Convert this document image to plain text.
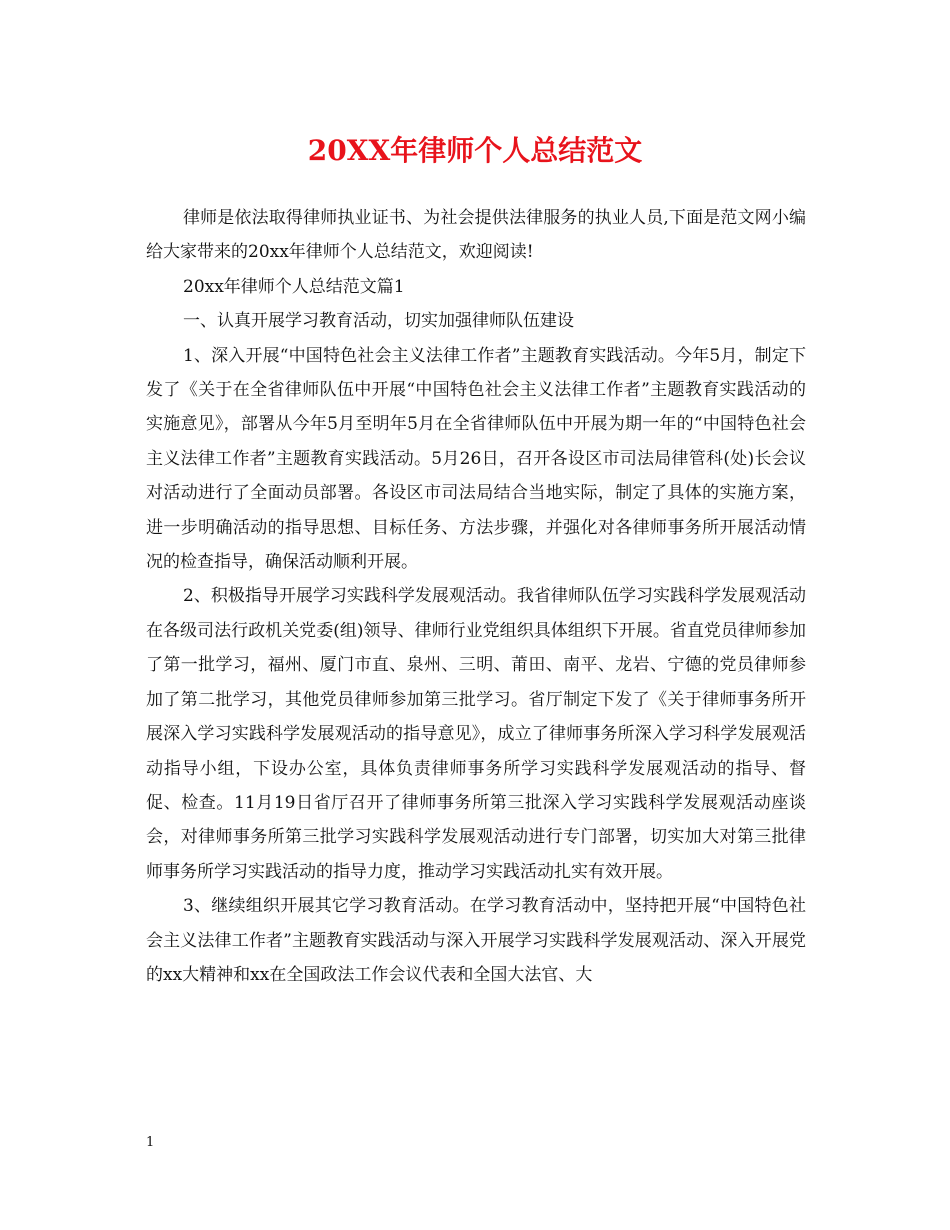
20XX年律师个人总结范文

律师是依法取得律师执业证书、为社会提供法律服务的执业人员,下面是范文网小编给大家带来的20xx年律师个人总结范文，欢迎阅读!

20xx年律师个人总结范文篇1

一、认真开展学习教育活动，切实加强律师队伍建设

1、深入开展“中国特色社会主义法律工作者”主题教育实践活动。今年5月，制定下发了《关于在全省律师队伍中开展“中国特色社会主义法律工作者”主题教育实践活动的实施意见》，部署从今年5月至明年5月在全省律师队伍中开展为期一年的“中国特色社会主义法律工作者”主题教育实践活动。5月26日，召开各设区市司法局律管科(处)长会议对活动进行了全面动员部署。各设区市司法局结合当地实际，制定了具体的实施方案，进一步明确活动的指导思想、目标任务、方法步骤，并强化对各律师事务所开展活动情况的检查指导，确保活动顺利开展。

2、积极指导开展学习实践科学发展观活动。我省律师队伍学习实践科学发展观活动在各级司法行政机关党委(组)领导、律师行业党组织具体组织下开展。省直党员律师参加了第一批学习，福州、厦门市直、泉州、三明、莆田、南平、龙岩、宁德的党员律师参加了第二批学习，其他党员律师参加第三批学习。省厅制定下发了《关于律师事务所开展深入学习实践科学发展观活动的指导意见》，成立了律师事务所深入学习科学发展观活动指导小组，下设办公室，具体负责律师事务所学习实践科学发展观活动的指导、督促、检查。11月19日省厅召开了律师事务所第三批深入学习实践科学发展观活动座谈会，对律师事务所第三批学习实践科学发展观活动进行专门部署，切实加大对第三批律师事务所学习实践活动的指导力度，推动学习实践活动扎实有效开展。

3、继续组织开展其它学习教育活动。在学习教育活动中，坚持把开展“中国特色社会主义法律工作者”主题教育实践活动与深入开展学习实践科学发展观活动、深入开展党的xx大精神和xx在全国政法工作会议代表和全国大法官、大

1
